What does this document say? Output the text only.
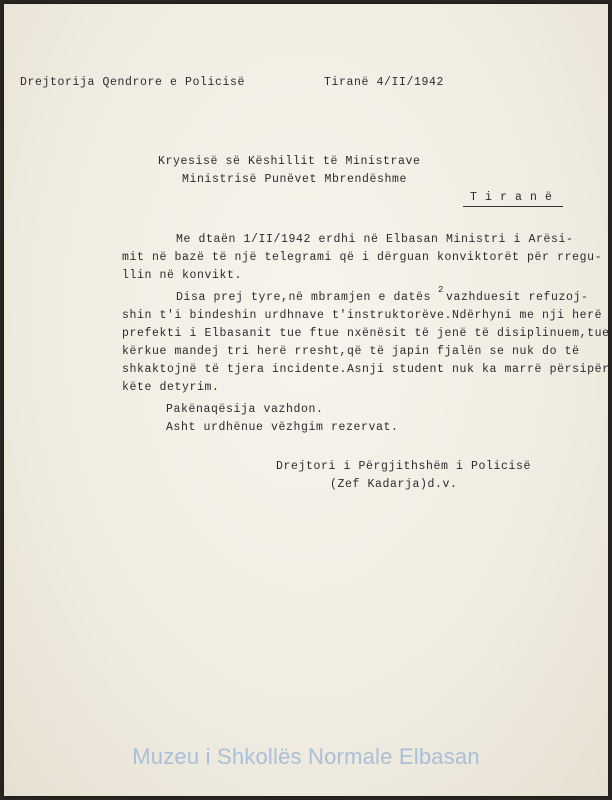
Drejtorija Qendrore e Policisë	Tiranë 4/II/1942
Kryesisë së Këshillit të Ministrave
Ministrisë Punëvet Mbrendëshme
T i r a n ë
Me dtaën 1/II/1942 erdhi në Elbasan Ministri i Arësi-
mit në bazë të një telegrami që i dërguan konviktorët për rregu-
llin në konvikt.
Disa prej tyre,në mbramjen e datës
2
vazhduesit refuzoj-
shin t'i bindeshin urdhnave t'instruktorëve.Ndërhyni me nji herë
prefekti i Elbasanit tue ftue nxënësit të jenë të disiplinuem,tue
kërkue mandej tri herë rresht,që të japin fjalën se nuk do të
shkaktojnë të tjera incidente.Asnji student nuk ka marrë përsipër
këte detyrim.
Pakënaqësija vazhdon.
Asht urdhënue vëzhgim rezervat.
Drejtori i Përgjithshëm i Policisë
(Zef Kadarja)d.v.
Muzeu i Shkollës Normale Elbasan
